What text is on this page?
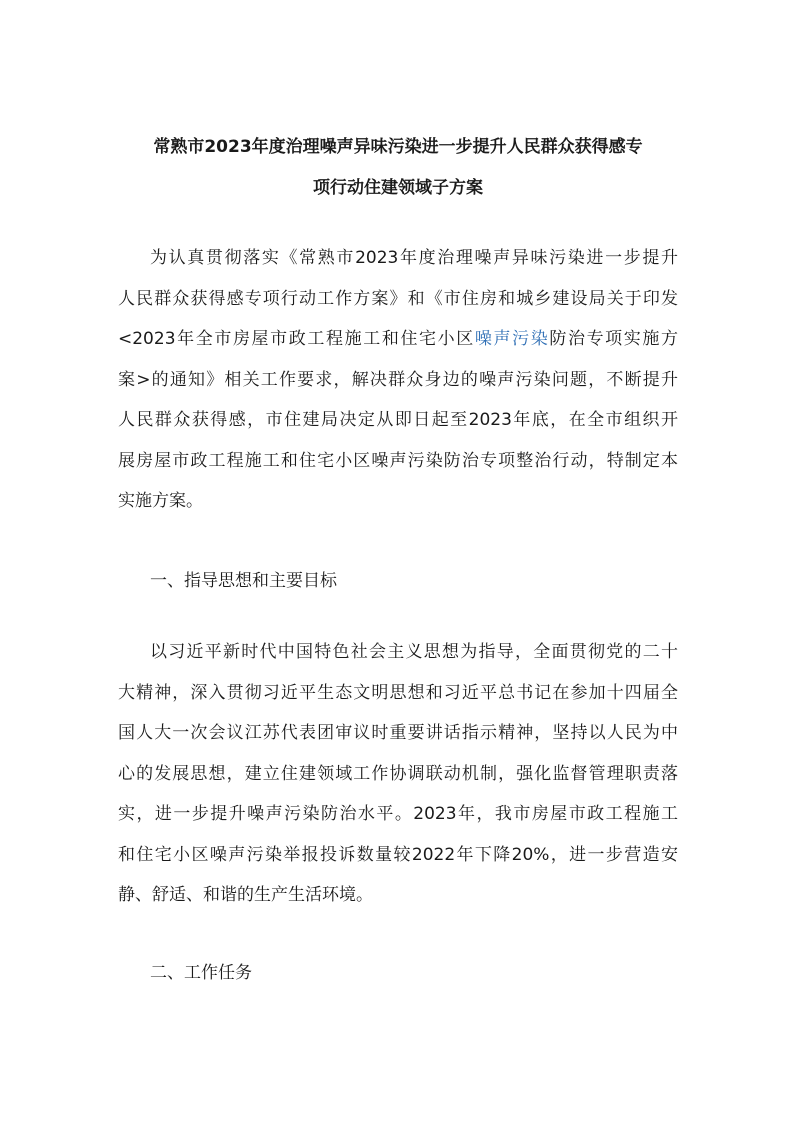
常熟市2023年度治理噪声异味污染进一步提升人民群众获得感专
项行动住建领域子方案
为认真贯彻落实《常熟市2023年度治理噪声异味污染进一步提升
人民群众获得感专项行动工作方案》和《市住房和城乡建设局关于印发
<2023年全市房屋市政工程施工和住宅小区噪声污染防治专项实施方
案>的通知》相关工作要求，解决群众身边的噪声污染问题，不断提升
人民群众获得感，市住建局决定从即日起至2023年底，在全市组织开
展房屋市政工程施工和住宅小区噪声污染防治专项整治行动，特制定本
实施方案。
一、指导思想和主要目标
以习近平新时代中国特色社会主义思想为指导，全面贯彻党的二十
大精神，深入贯彻习近平生态文明思想和习近平总书记在参加十四届全
国人大一次会议江苏代表团审议时重要讲话指示精神，坚持以人民为中
心的发展思想，建立住建领域工作协调联动机制，强化监督管理职责落
实，进一步提升噪声污染防治水平。2023年，我市房屋市政工程施工
和住宅小区噪声污染举报投诉数量较2022年下降20%，进一步营造安
静、舒适、和谐的生产生活环境。
二、工作任务
